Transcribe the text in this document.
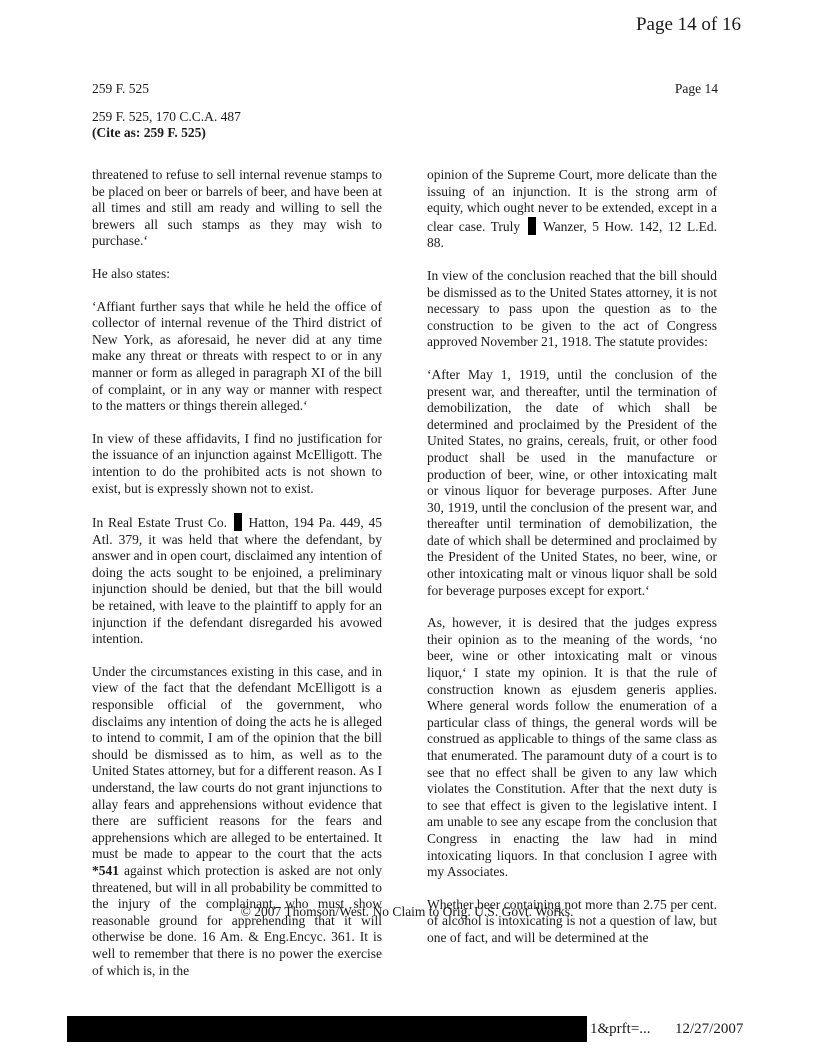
Page 14 of 16
259 F. 525
259 F. 525, 170 C.C.A. 487
(Cite as: 259 F. 525)
Page 14

threatened to refuse to sell internal revenue stamps to be placed on beer or barrels of beer, and have been at all times and still am ready and willing to sell the brewers all such stamps as they may wish to purchase.‘

He also states:

‘Affiant further says that while he held the office of collector of internal revenue of the Third district of New York, as aforesaid, he never did at any time make any threat or threats with respect to or in any manner or form as alleged in paragraph XI of the bill of complaint, or in any way or manner with respect to the matters or things therein alleged.‘

In view of these affidavits, I find no justification for the issuance of an injunction against McElligott. The intention to do the prohibited acts is not shown to exist, but is expressly shown not to exist.

In Real Estate Trust Co. Hatton, 194 Pa. 449, 45 Atl. 379, it was held that where the defendant, by answer and in open court, disclaimed any intention of doing the acts sought to be enjoined, a preliminary injunction should be denied, but that the bill would be retained, with leave to the plaintiff to apply for an injunction if the defendant disregarded his avowed intention.

Under the circumstances existing in this case, and in view of the fact that the defendant McElligott is a responsible official of the government, who disclaims any intention of doing the acts he is alleged to intend to commit, I am of the opinion that the bill should be dismissed as to him, as well as to the United States attorney, but for a different reason. As I understand, the law courts do not grant injunctions to allay fears and apprehensions without evidence that there are sufficient reasons for the fears and apprehensions which are alleged to be entertained. It must be made to appear to the court that the acts *541 against which protection is asked are not only threatened, but will in all probability be committed to the injury of the complainant, who must show reasonable ground for apprehending that it will otherwise be done. 16 Am. & Eng.Encyc. 361. It is well to remember that there is no power the exercise of which is, in the

opinion of the Supreme Court, more delicate than the issuing of an injunction. It is the strong arm of equity, which ought never to be extended, except in a clear case. Truly Wanzer, 5 How. 142, 12 L.Ed. 88.

In view of the conclusion reached that the bill should be dismissed as to the United States attorney, it is not necessary to pass upon the question as to the construction to be given to the act of Congress approved November 21, 1918. The statute provides:

‘After May 1, 1919, until the conclusion of the present war, and thereafter, until the termination of demobilization, the date of which shall be determined and proclaimed by the President of the United States, no grains, cereals, fruit, or other food product shall be used in the manufacture or production of beer, wine, or other intoxicating malt or vinous liquor for beverage purposes. After June 30, 1919, until the conclusion of the present war, and thereafter until termination of demobilization, the date of which shall be determined and proclaimed by the President of the United States, no beer, wine, or other intoxicating malt or vinous liquor shall be sold for beverage purposes except for export.‘

As, however, it is desired that the judges express their opinion as to the meaning of the words, ‘no beer, wine or other intoxicating malt or vinous liquor,‘ I state my opinion. It is that the rule of construction known as ejusdem generis applies. Where general words follow the enumeration of a particular class of things, the general words will be construed as applicable to things of the same class as that enumerated. The paramount duty of a court is to see that no effect shall be given to any law which violates the Constitution. After that the next duty is to see that effect is given to the legislative intent. I am unable to see any escape from the conclusion that Congress in enacting the law had in mind intoxicating liquors. In that conclusion I agree with my Associates.

Whether beer containing not more than 2.75 per cent. of alcohol is intoxicating is not a question of law, but one of fact, and will be determined at the

© 2007 Thomson/West. No Claim to Orig. U.S. Govt. Works.
1&prft=... 12/27/2007
